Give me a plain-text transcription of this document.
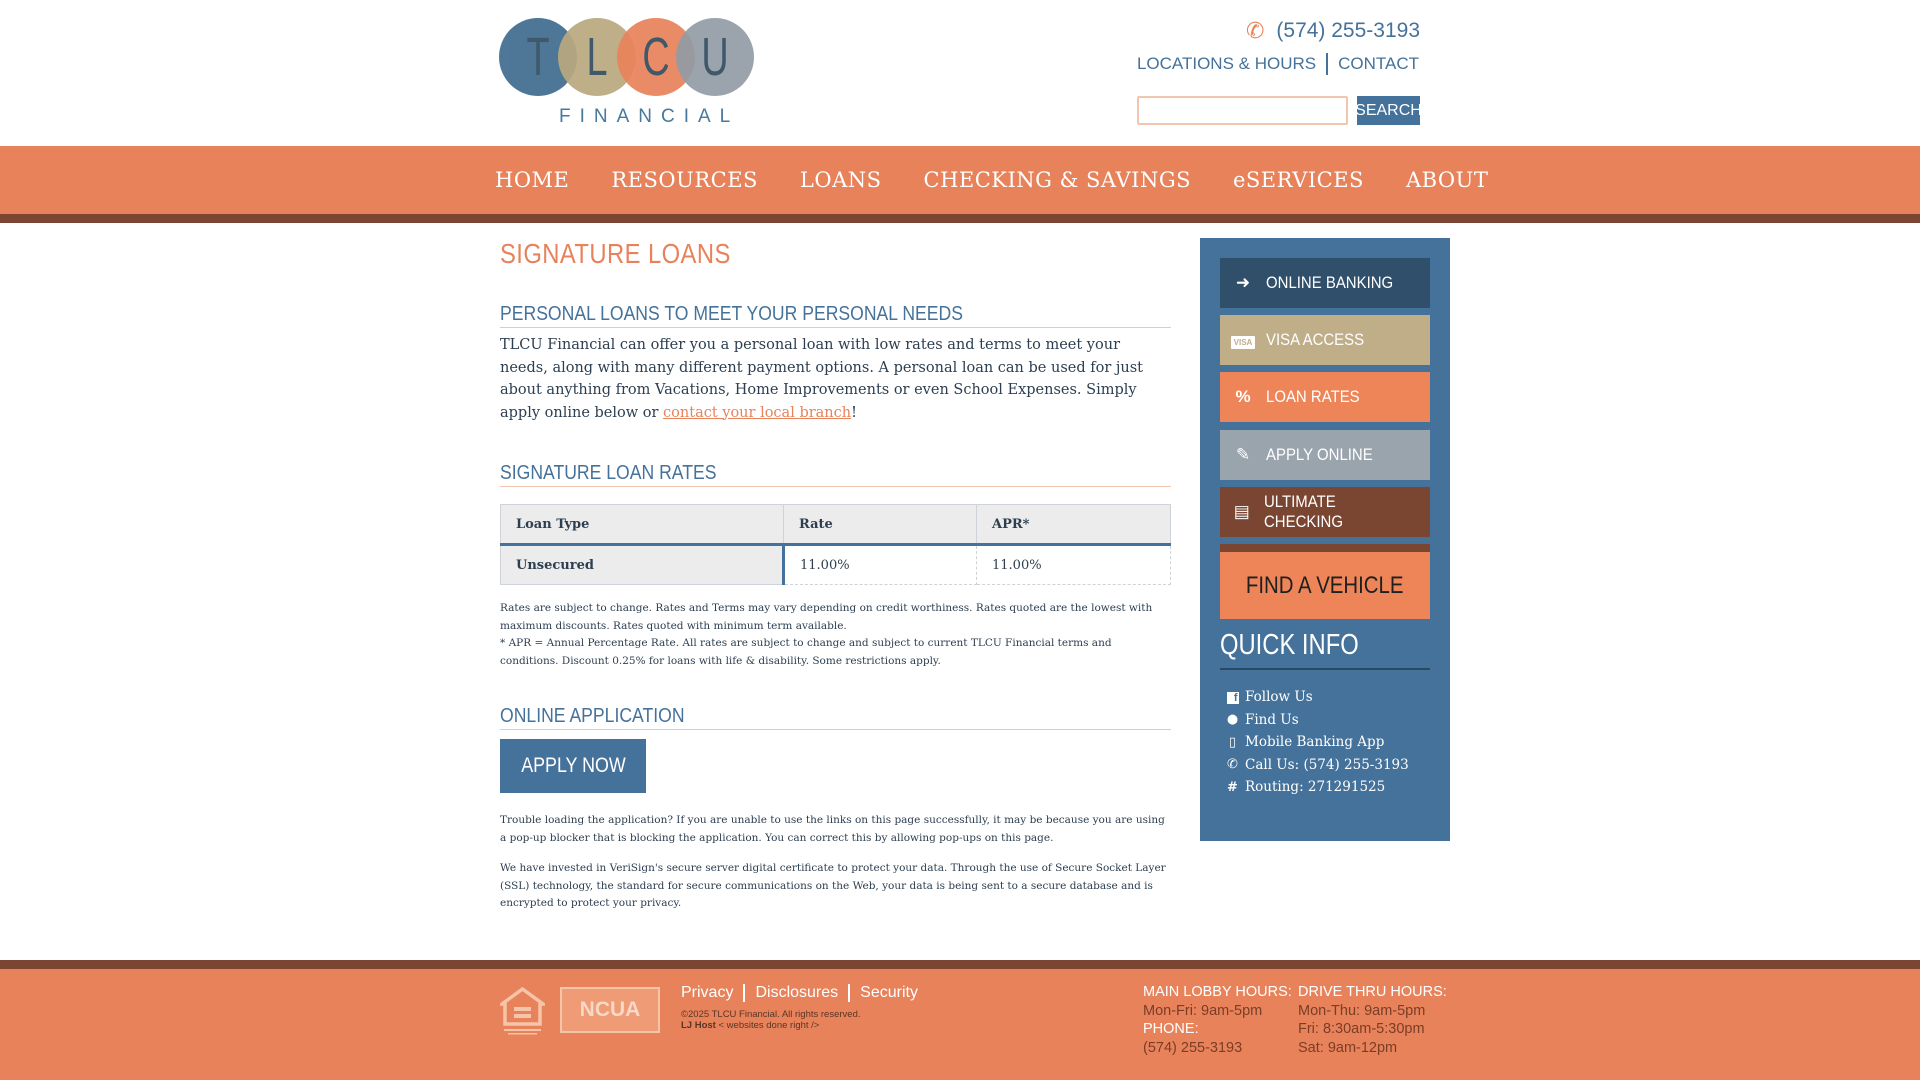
T L C U
FINANCIAL
✆ (574) 255-3193
LOCATIONS & HOURS CONTACT
SEARCH
HOME RESOURCES LOANS CHECKING & SAVINGS eSERVICES ABOUT
SIGNATURE LOANS
PERSONAL LOANS TO MEET YOUR PERSONAL NEEDS

TLCU Financial can offer you a personal loan with low rates and terms to meet your needs, along with many different payment options. A personal loan can be used for just about anything from Vacations, Home Improvements or even School Expenses. Simply apply online below or contact your local branch!

SIGNATURE LOAN RATES
Loan Type	Rate	APR*
Unsecured	11.00%	11.00%

Rates are subject to change. Rates and Terms may vary depending on credit worthiness. Rates quoted are the lowest with maximum discounts. Rates quoted with minimum term available.

* APR = Annual Percentage Rate. All rates are subject to change and subject to current TLCU Financial terms and conditions. Discount 0.25% for loans with life & disability. Some restrictions apply.

ONLINE APPLICATION
APPLY NOW

Trouble loading the application? If you are unable to use the links on this page successfully, it may be because you are using a pop-up blocker that is blocking the application. You can correct this by allowing pop-ups on this page.

We have invested in VeriSign's secure server digital certificate to protect your data. Through the use of Secure Socket Layer (SSL) technology, the standard for secure communications on the Web, your data is being sent to a secure database and is encrypted to protect your privacy.

➜ ONLINE BANKING
VISA VISA ACCESS
% LOAN RATES
✎ APPLY ONLINE
▤
ULTIMATE CHECKING
FIND A VEHICLE
QUICK INFO
f Follow Us
● Find Us
▯ Mobile Banking App
✆ Call Us: (574) 255-3193
# Routing: 271291525
NCUA
Privacy Disclosures Security
©2025 TLCU Financial. All rights reserved.
LJ Host < websites done right />
MAIN LOBBY HOURS:
Mon-Fri: 9am-5pm
PHONE:
(574) 255-3193
DRIVE THRU HOURS:
Mon-Thu: 9am-5pm
Fri: 8:30am-5:30pm
Sat: 9am-12pm
